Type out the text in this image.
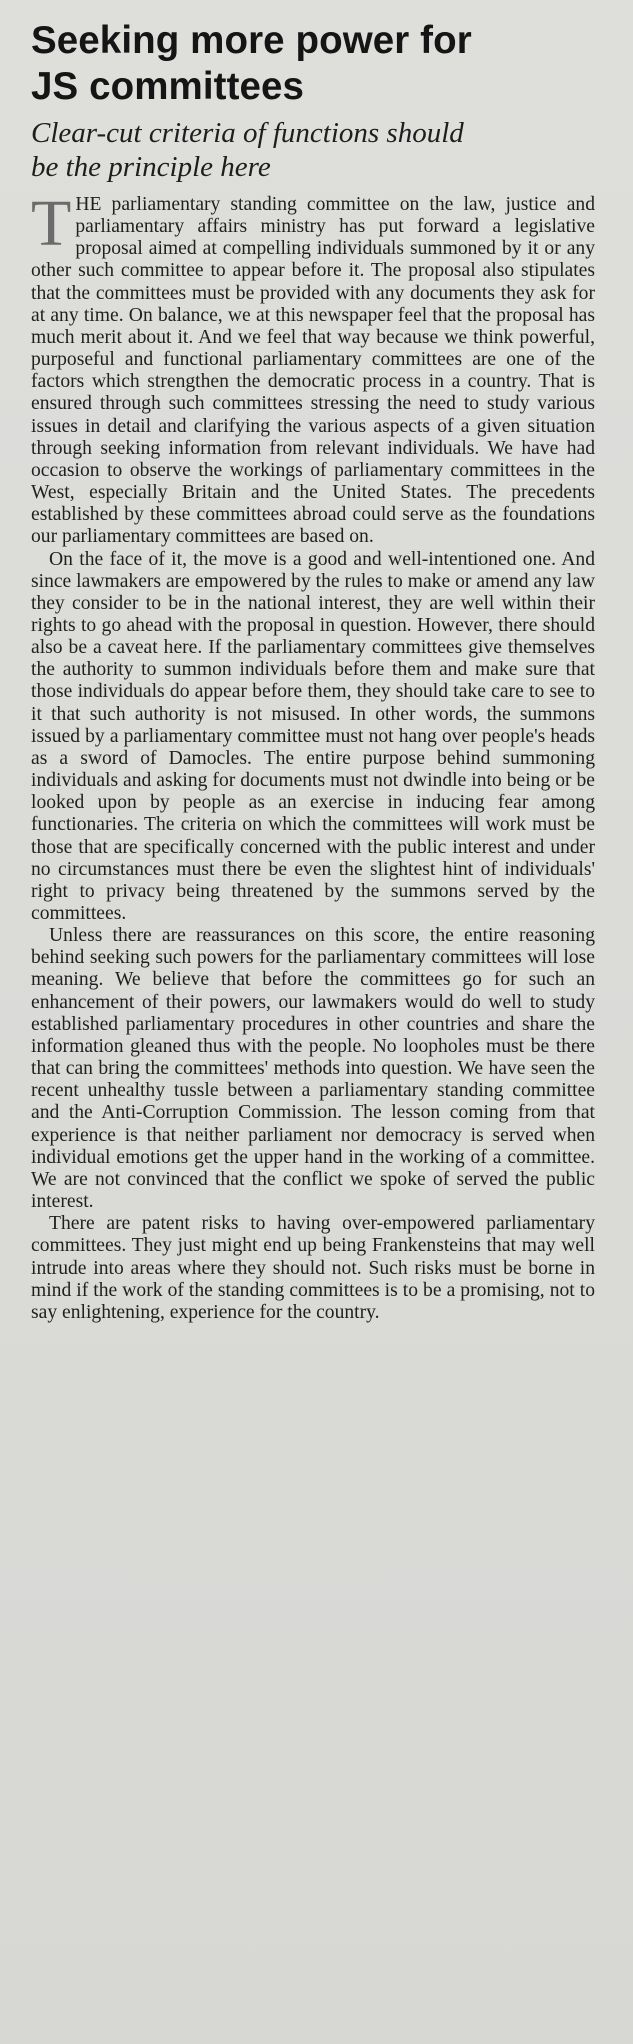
Seeking more power for
JS committees
Clear-cut criteria of functions should
be the principle here

THE parliamentary standing committee on the law, justice and parliamentary affairs ministry has put forward a legislative proposal aimed at compelling individuals summoned by it or any other such committee to appear before it. The proposal also stipulates that the committees must be provided with any documents they ask for at any time. On balance, we at this newspaper feel that the proposal has much merit about it. And we feel that way because we think powerful, purposeful and functional parliamentary committees are one of the factors which strengthen the democratic process in a country. That is ensured through such committees stressing the need to study various issues in detail and clarifying the various aspects of a given situation through seeking information from relevant individuals. We have had occasion to observe the workings of parliamentary committees in the West, especially Britain and the United States. The precedents established by these committees abroad could serve as the foundations our parliamentary committees are based on.

On the face of it, the move is a good and well-intentioned one. And since lawmakers are empowered by the rules to make or amend any law they consider to be in the national interest, they are well within their rights to go ahead with the proposal in question. However, there should also be a caveat here. If the parliamentary committees give themselves the authority to summon individuals before them and make sure that those individuals do appear before them, they should take care to see to it that such authority is not misused. In other words, the summons issued by a parliamentary committee must not hang over people's heads as a sword of Damocles. The entire purpose behind summoning individuals and asking for documents must not dwindle into being or be looked upon by people as an exercise in inducing fear among functionaries. The criteria on which the committees will work must be those that are specifically concerned with the public interest and under no circumstances must there be even the slightest hint of individuals' right to privacy being threatened by the summons served by the committees.

Unless there are reassurances on this score, the entire reasoning behind seeking such powers for the parliamentary committees will lose meaning. We believe that before the committees go for such an enhancement of their powers, our lawmakers would do well to study established parliamentary procedures in other countries and share the information gleaned thus with the people. No loopholes must be there that can bring the committees' methods into question. We have seen the recent unhealthy tussle between a parliamentary standing committee and the Anti-Corruption Commission. The lesson coming from that experience is that neither parliament nor democracy is served when individual emotions get the upper hand in the working of a committee. We are not convinced that the conflict we spoke of served the public interest.

There are patent risks to having over-empowered parliamentary committees. They just might end up being Frankensteins that may well intrude into areas where they should not. Such risks must be borne in mind if the work of the standing committees is to be a promising, not to say enlightening, experience for the country.
